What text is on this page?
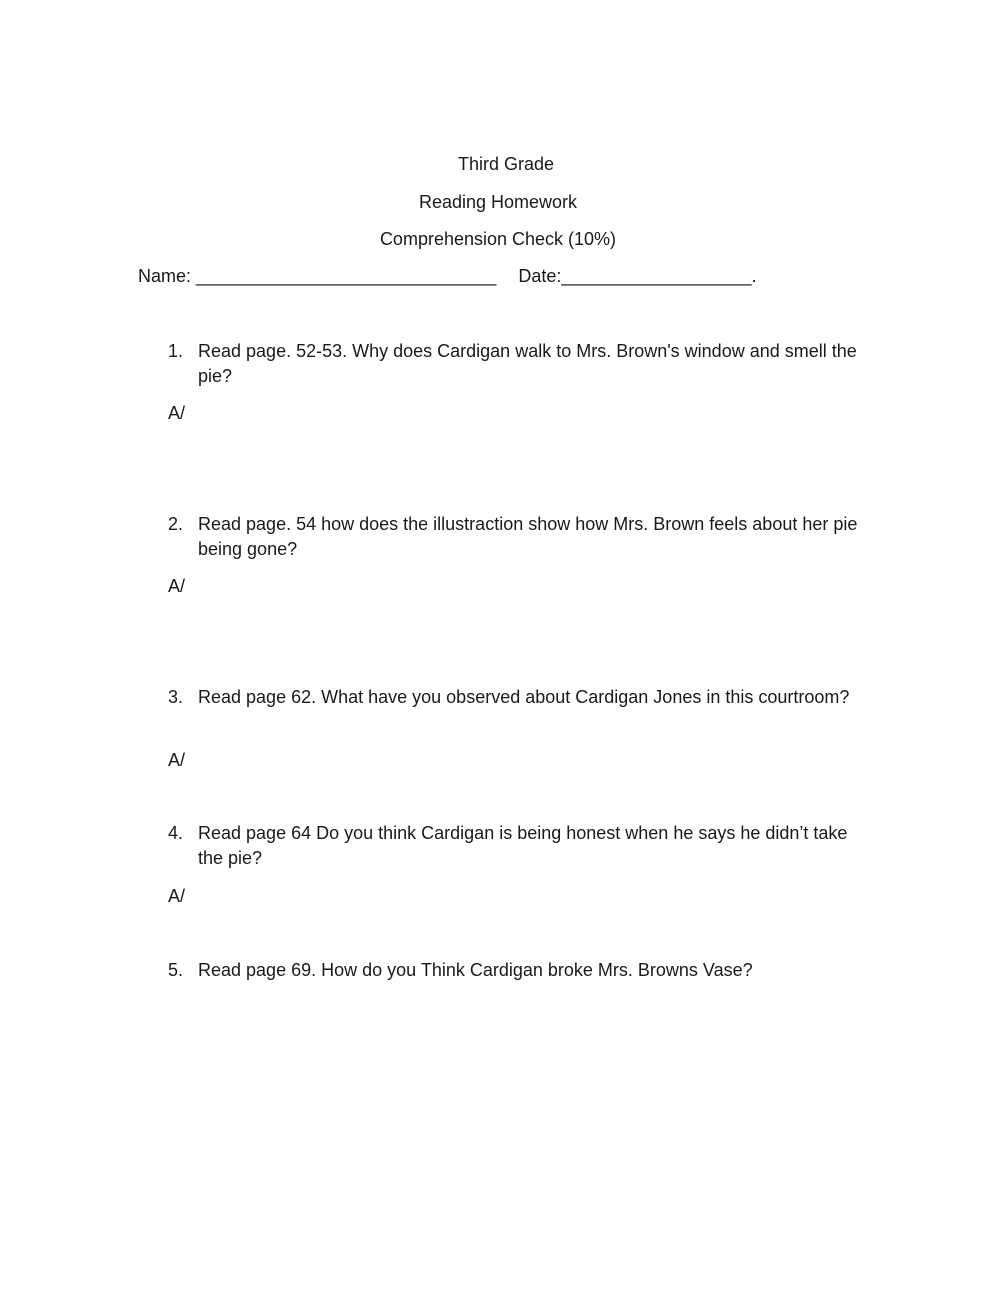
Third Grade
Reading Homework
Comprehension Check (10%)
Name: ______________________________ Date:___________________.
1. Read page. 52-53. Why does Cardigan walk to Mrs. Brown's window and smell the pie?
A/
2. Read page. 54 how does the illustraction show how Mrs. Brown feels about her pie being gone?
A/
3. Read page 62. What have you observed about Cardigan Jones in this courtroom?
A/
4. Read page 64 Do you think Cardigan is being honest when he says he didn’t take the pie?
A/
5. Read page 69. How do you Think Cardigan broke Mrs. Browns Vase?
